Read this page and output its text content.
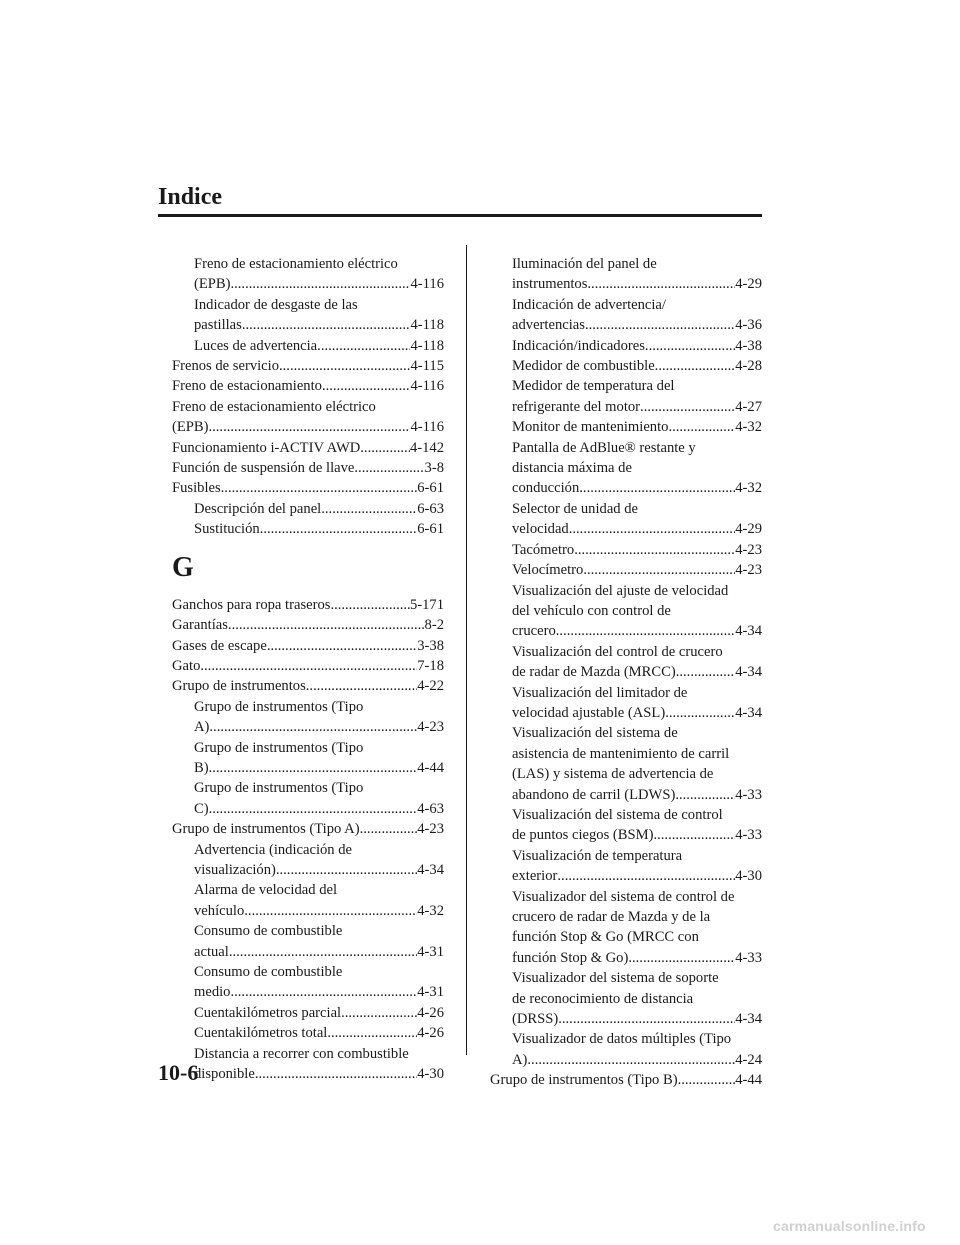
Indice
Freno de estacionamiento eléctrico
(EPB) .....	4-116
Indicador de desgaste de las
pastillas .....	4-118
Luces de advertencia .....	4-118
Frenos de servicio .....	4-115
Freno de estacionamiento .....	4-116
Freno de estacionamiento eléctrico
(EPB) .....	4-116
Funcionamiento i-ACTIV AWD .....	4-142
Función de suspensión de llave .....	3-8
Fusibles .....	6-61
Descripción del panel .....	6-63
Sustitución .....	6-61
G
Ganchos para ropa traseros .....	5-171
Garantías .....	8-2
Gases de escape .....	3-38
Gato .....	7-18
Grupo de instrumentos .....	4-22
Grupo de instrumentos (Tipo
A) .....	4-23
Grupo de instrumentos (Tipo
B) .....	4-44
Grupo de instrumentos (Tipo
C) .....	4-63
Grupo de instrumentos (Tipo A) .....	4-23
Advertencia (indicación de
visualización) .....	4-34
Alarma de velocidad del
vehículo .....	4-32
Consumo de combustible
actual .....	4-31
Consumo de combustible
medio .....	4-31
Cuentakilómetros parcial .....	4-26
Cuentakilómetros total .....	4-26
Distancia a recorrer con combustible
disponible .....	4-30
Iluminación del panel de
instrumentos .....	4-29
Indicación de advertencia/
advertencias .....	4-36
Indicación/indicadores .....	4-38
Medidor de combustible .....	4-28
Medidor de temperatura del
refrigerante del motor .....	4-27
Monitor de mantenimiento .....	4-32
Pantalla de AdBlue® restante y
distancia máxima de
conducción .....	4-32
Selector de unidad de
velocidad .....	4-29
Tacómetro .....	4-23
Velocímetro .....	4-23
Visualización del ajuste de velocidad
del vehículo con control de
crucero .....	4-34
Visualización del control de crucero
de radar de Mazda (MRCC) .....	4-34
Visualización del limitador de
velocidad ajustable (ASL) .....	4-34
Visualización del sistema de
asistencia de mantenimiento de carril
(LAS) y sistema de advertencia de
abandono de carril (LDWS) .....	4-33
Visualización del sistema de control
de puntos ciegos (BSM) .....	4-33
Visualización de temperatura
exterior .....	4-30
Visualizador del sistema de control de
crucero de radar de Mazda y de la
función Stop & Go (MRCC con
función Stop & Go) .....	4-33
Visualizador del sistema de soporte
de reconocimiento de distancia
(DRSS) .....	4-34
Visualizador de datos múltiples (Tipo
A) .....	4-24
Grupo de instrumentos (Tipo B) .....	4-44
10-6
carmanualsonline.info
